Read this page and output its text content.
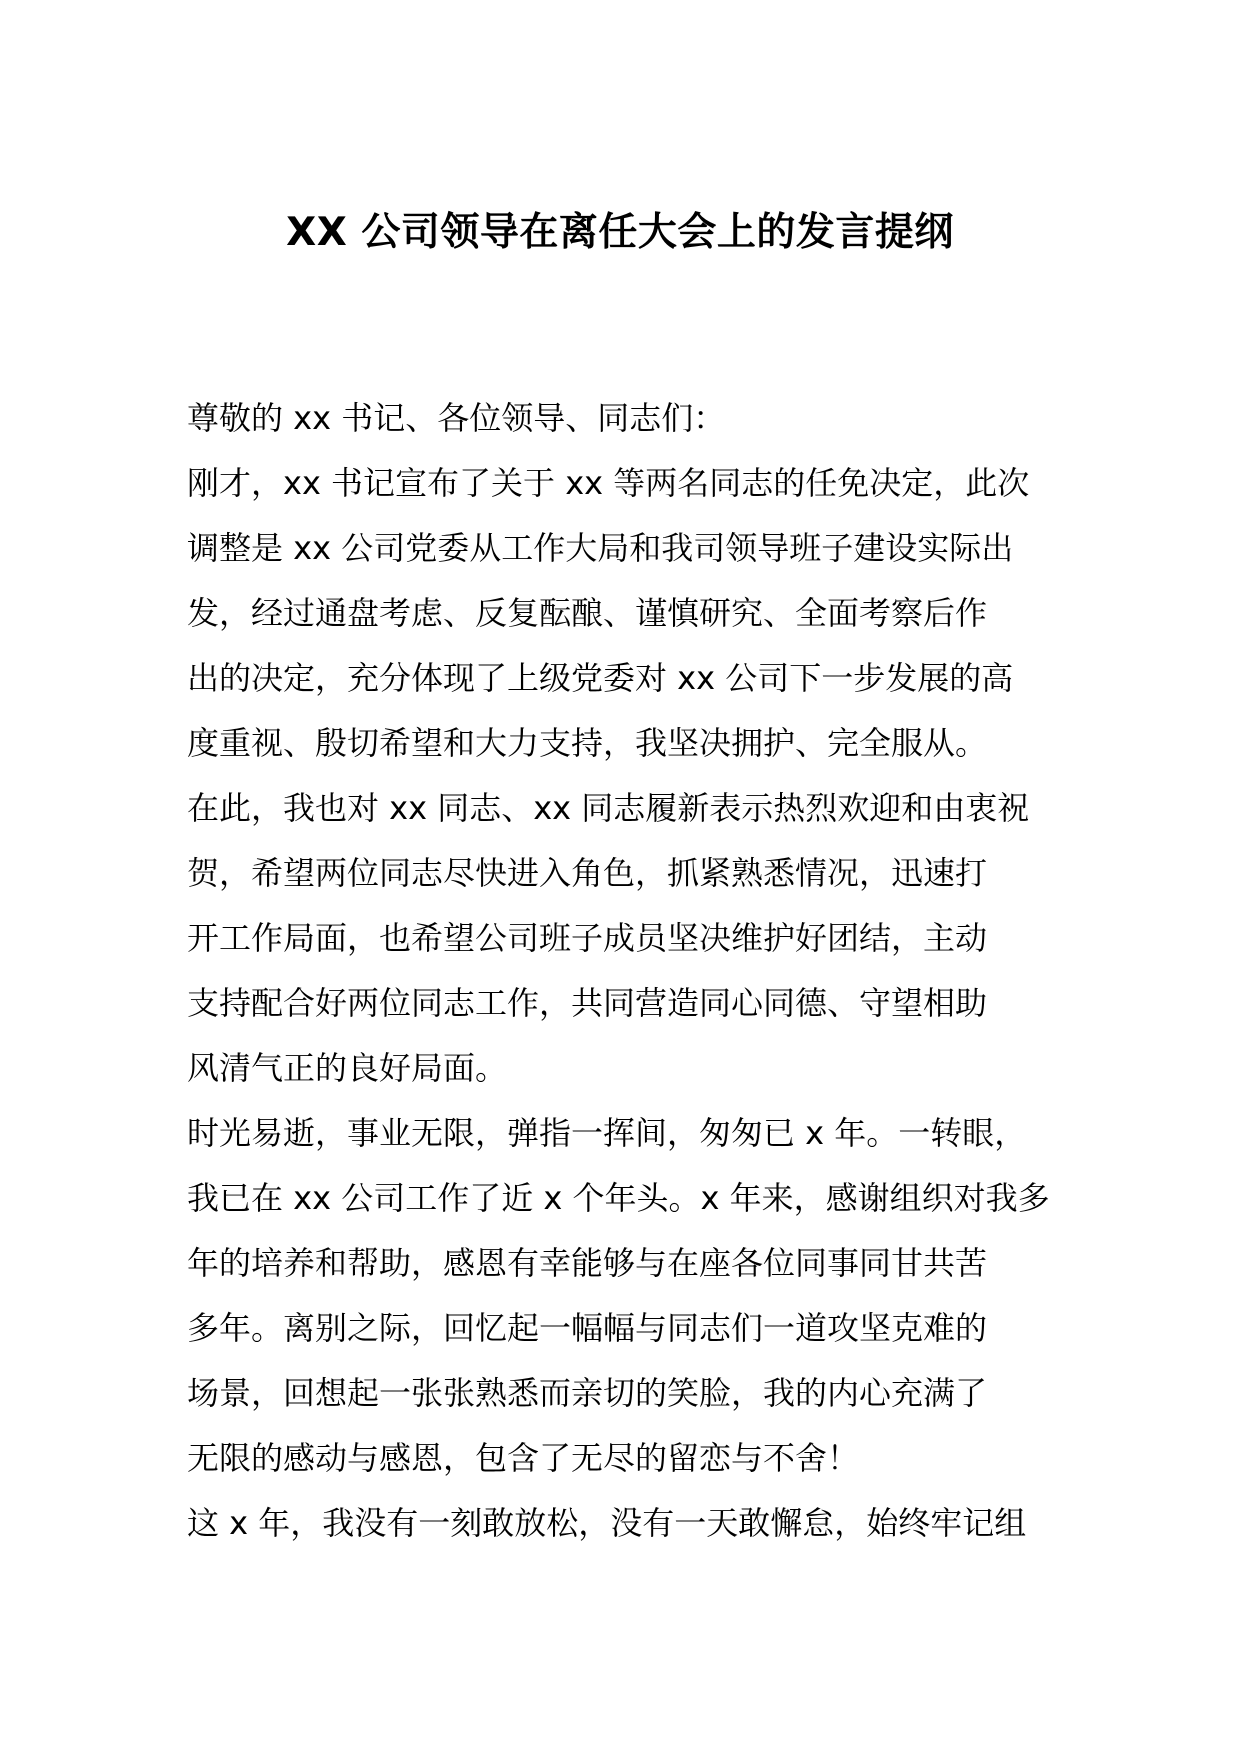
XX 公司领导在离任大会上的发言提纲
尊敬的 xx 书记、各位领导、同志们：
刚才，xx 书记宣布了关于 xx 等两名同志的任免决定，此次
调整是 xx 公司党委从工作大局和我司领导班子建设实际出
发，经过通盘考虑、反复酝酿、谨慎研究、全面考察后作
出的决定，充分体现了上级党委对 xx 公司下一步发展的高
度重视、殷切希望和大力支持，我坚决拥护、完全服从。
在此，我也对 xx 同志、xx 同志履新表示热烈欢迎和由衷祝
贺，希望两位同志尽快进入角色，抓紧熟悉情况，迅速打
开工作局面，也希望公司班子成员坚决维护好团结，主动
支持配合好两位同志工作，共同营造同心同德、守望相助
风清气正的良好局面。
时光易逝，事业无限，弹指一挥间，匆匆已 x 年。一转眼，
我已在 xx 公司工作了近 x 个年头。x 年来，感谢组织对我多
年的培养和帮助，感恩有幸能够与在座各位同事同甘共苦
多年。离别之际，回忆起一幅幅与同志们一道攻坚克难的
场景，回想起一张张熟悉而亲切的笑脸，我的内心充满了
无限的感动与感恩，包含了无尽的留恋与不舍！
这 x 年，我没有一刻敢放松，没有一天敢懈怠，始终牢记组
